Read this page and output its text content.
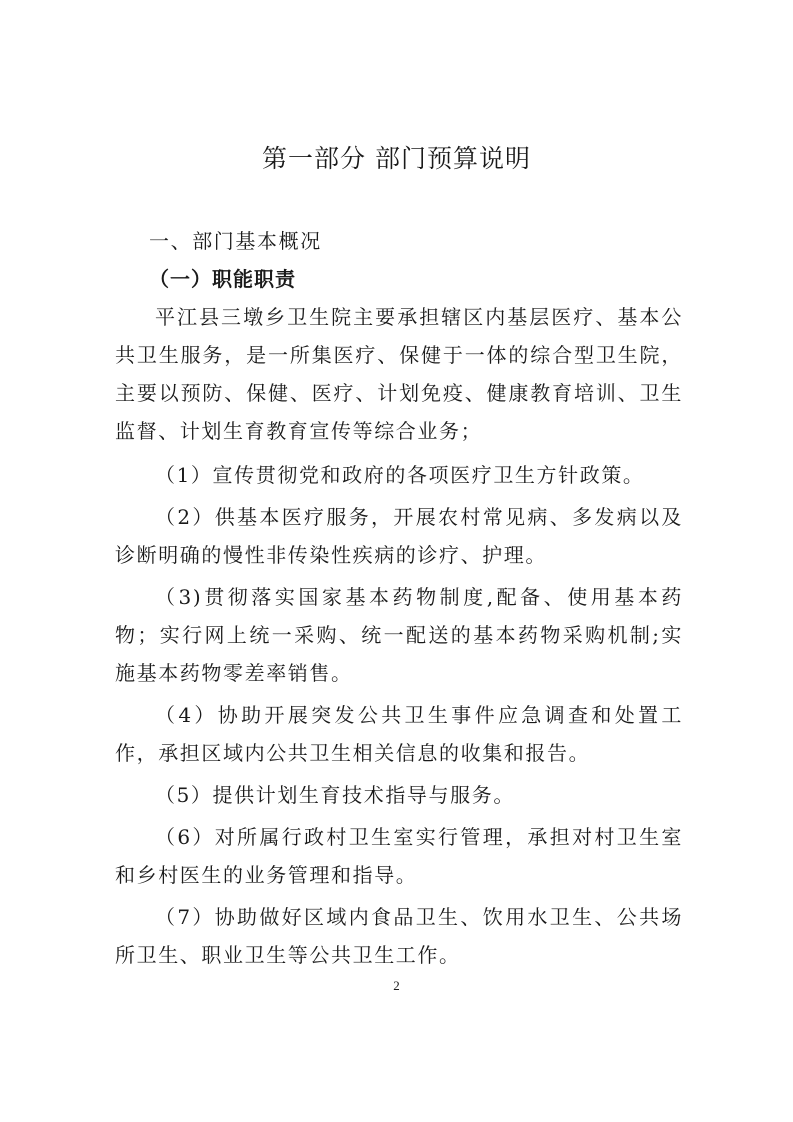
第一部分 部门预算说明
一、部门基本概况
（一）职能职责

平江县三墩乡卫生院主要承担辖区内基层医疗、基本公共卫生服务，是一所集医疗、保健于一体的综合型卫生院，主要以预防、保健、医疗、计划免疫、健康教育培训、卫生监督、计划生育教育宣传等综合业务；

（1）宣传贯彻党和政府的各项医疗卫生方针政策。

（2）供基本医疗服务，开展农村常见病、多发病以及诊断明确的慢性非传染性疾病的诊疗、护理。

（3)贯彻落实国家基本药物制度,配备、使用基本药物；实行网上统一采购、统一配送的基本药物采购机制;实施基本药物零差率销售。

（4）协助开展突发公共卫生事件应急调查和处置工作，承担区域内公共卫生相关信息的收集和报告。

（5）提供计划生育技术指导与服务。

（6）对所属行政村卫生室实行管理，承担对村卫生室和乡村医生的业务管理和指导。

（7）协助做好区域内食品卫生、饮用水卫生、公共场所卫生、职业卫生等公共卫生工作。

2
